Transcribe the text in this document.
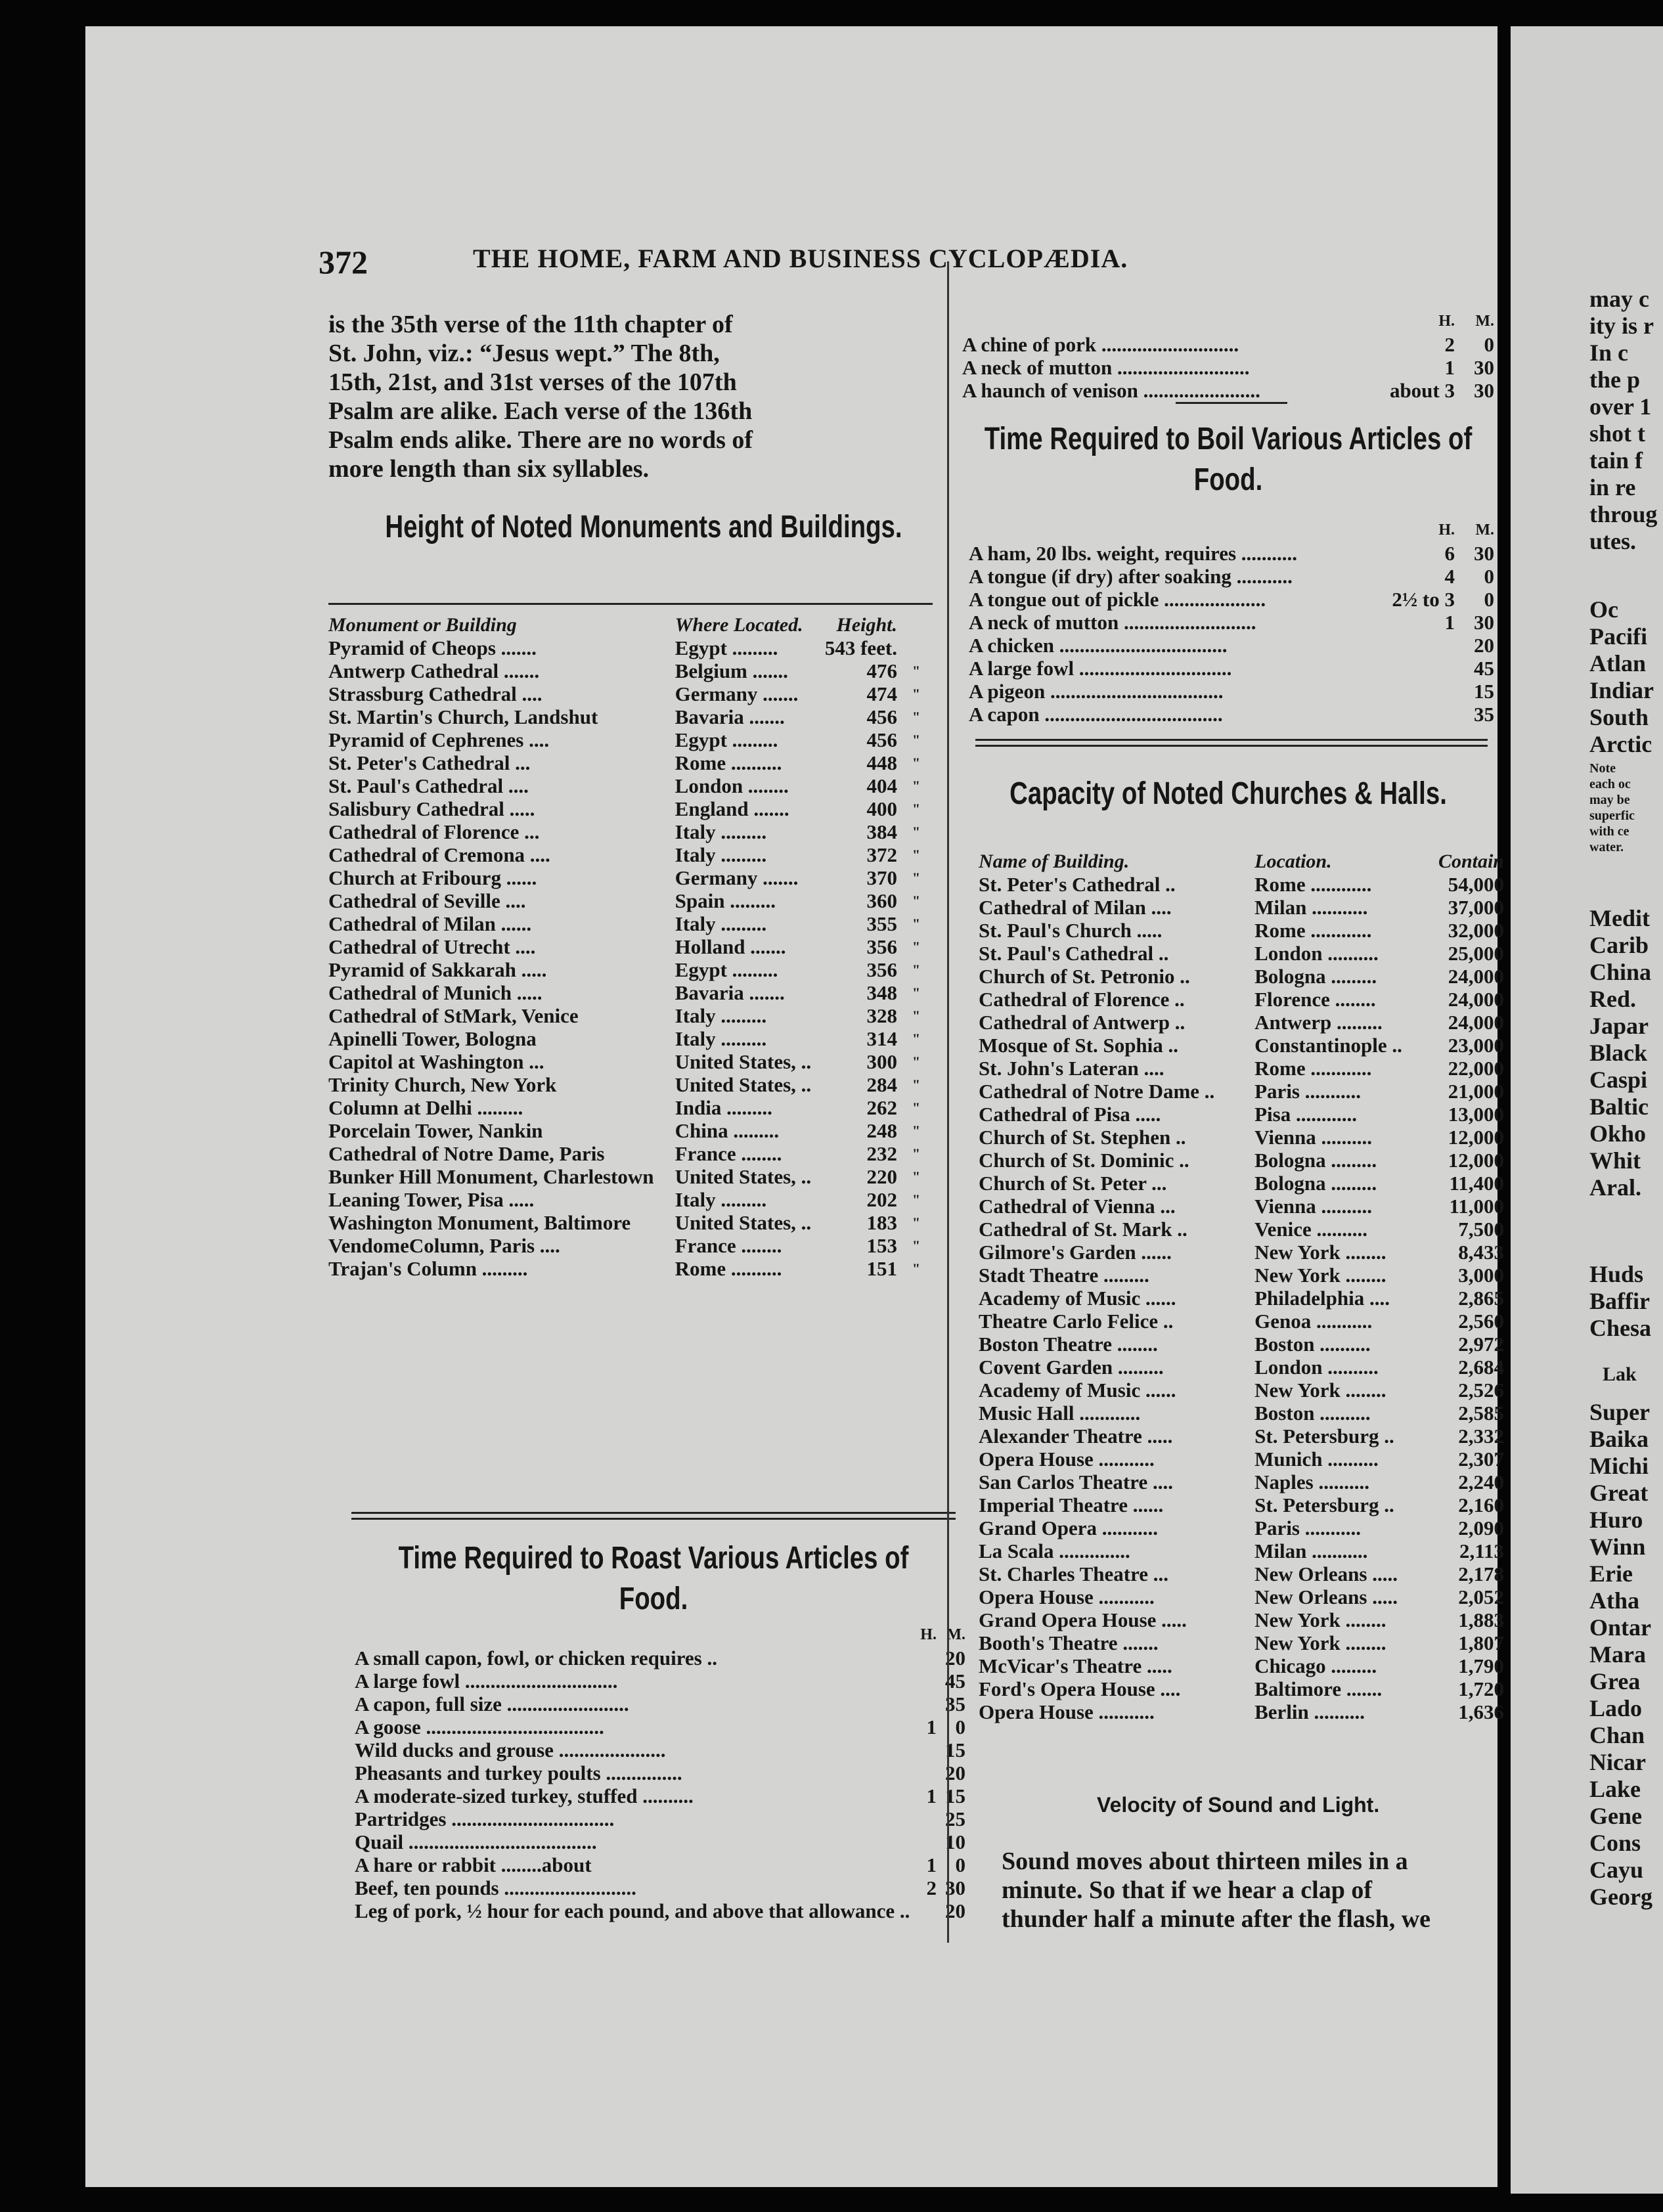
372	THE HOME, FARM AND BUSINESS CYCLOPÆDIA.
is the 35th verse of the 11th chapter of
St. John, viz.: “Jesus wept.” The 8th,
15th, 21st, and 31st verses of the 107th
Psalm are alike. Each verse of the 136th
Psalm ends alike. There are no words of
more length than six syllables.
Height of Noted Monuments and Buildings.
Monument or Building	Where Located.	Height.	
Pyramid of Cheops .......	Egypt .........	543 feet.	
Antwerp Cathedral .......	Belgium .......	476	"
Strassburg Cathedral ....	Germany .......	474	"
St. Martin's Church, Landshut	Bavaria .......	456	"
Pyramid of Cephrenes ....	Egypt .........	456	"
St. Peter's Cathedral ...	Rome ..........	448	"
St. Paul's Cathedral ....	London ........	404	"
Salisbury Cathedral .....	England .......	400	"
Cathedral of Florence ...	Italy .........	384	"
Cathedral of Cremona ....	Italy .........	372	"
Church at Fribourg ......	Germany .......	370	"
Cathedral of Seville ....	Spain .........	360	"
Cathedral of Milan ......	Italy .........	355	"
Cathedral of Utrecht ....	Holland .......	356	"
Pyramid of Sakkarah .....	Egypt .........	356	"
Cathedral of Munich .....	Bavaria .......	348	"
Cathedral of StMark, Venice	Italy .........	328	"
Apinelli Tower, Bologna	Italy .........	314	"
Capitol at Washington ...	United States, ..	300	"
Trinity Church, New York	United States, ..	284	"
Column at Delhi .........	India .........	262	"
Porcelain Tower, Nankin	China .........	248	"
Cathedral of Notre Dame, Paris	France ........	232	"
Bunker Hill Monument, Charlestown	United States, ..	220	"
Leaning Tower, Pisa .....	Italy .........	202	"
Washington Monument, Baltimore	United States, ..	183	"
VendomeColumn, Paris ....	France ........	153	"
Trajan's Column .........	Rome ..........	151	"
Time Required to Roast Various Articles of Food.
	H.	M.
A small capon, fowl, or chicken requires ..		20
A large fowl ..............................		45
A capon, full size ........................		35
A goose ...................................	1	0
Wild ducks and grouse .....................		15
Pheasants and turkey poults ...............		20
A moderate-sized turkey, stuffed ..........	1	15
Partridges ................................		25
Quail .....................................		10
A hare or rabbit ........about	1	0
Beef, ten pounds ..........................	2	30
Leg of pork, ½ hour for each pound, and above that allowance ..		20
	H.	M.
A chine of pork ...........................	2	0
A neck of mutton ..........................	1	30
A haunch of venison .......................	about 3	30
Time Required to Boil Various Articles of Food.
	H.	M.
A ham, 20 lbs. weight, requires ...........	6	30
A tongue (if dry) after soaking ...........	4	0
A tongue out of pickle ....................	2½ to 3	0
A neck of mutton ..........................	1	30
A chicken .................................		20
A large fowl ..............................		45
A pigeon ..................................		15
A capon ...................................		35
Capacity of Noted Churches & Halls.
Name of Building.	Location.	Contain
St. Peter's Cathedral ..	Rome ............	54,000
Cathedral of Milan ....	Milan ...........	37,000
St. Paul's Church .....	Rome ............	32,000
St. Paul's Cathedral ..	London ..........	25,000
Church of St. Petronio ..	Bologna .........	24,000
Cathedral of Florence ..	Florence ........	24,000
Cathedral of Antwerp ..	Antwerp .........	24,000
Mosque of St. Sophia ..	Constantinople ..	23,000
St. John's Lateran ....	Rome ............	22,000
Cathedral of Notre Dame ..	Paris ...........	21,000
Cathedral of Pisa .....	Pisa ............	13,000
Church of St. Stephen ..	Vienna ..........	12,000
Church of St. Dominic ..	Bologna .........	12,000
Church of St. Peter ...	Bologna .........	11,400
Cathedral of Vienna ...	Vienna ..........	11,000
Cathedral of St. Mark ..	Venice ..........	7,500
Gilmore's Garden ......	New York ........	8,433
Stadt Theatre .........	New York ........	3,000
Academy of Music ......	Philadelphia ....	2,865
Theatre Carlo Felice ..	Genoa ...........	2,560
Boston Theatre ........	Boston ..........	2,972
Covent Garden .........	London ..........	2,684
Academy of Music ......	New York ........	2,526
Music Hall ............	Boston ..........	2,585
Alexander Theatre .....	St. Petersburg ..	2,332
Opera House ...........	Munich ..........	2,307
San Carlos Theatre ....	Naples ..........	2,240
Imperial Theatre ......	St. Petersburg ..	2,160
Grand Opera ...........	Paris ...........	2,090
La Scala ..............	Milan ...........	2,113
St. Charles Theatre ...	New Orleans .....	2,178
Opera House ...........	New Orleans .....	2,052
Grand Opera House .....	New York ........	1,883
Booth's Theatre .......	New York ........	1,807
McVicar's Theatre .....	Chicago .........	1,790
Ford's Opera House ....	Baltimore .......	1,720
Opera House ...........	Berlin ..........	1,636
Velocity of Sound and Light.
Sound moves about thirteen miles in a
minute. So that if we hear a clap of
thunder half a minute after the flash, we
may c
ity is r
In c
the p
over 1
shot t
tain f
in re
throug
utes.
Oc
Pacifi
Atlan
Indiar
South
Arctic
Note
each oc
may be
superfic
with ce
water.
Medit
Carib
China
Red.
Japar
Black
Caspi
Baltic
Okho
Whit
Aral.
Huds
Baffir
Chesa
Lak
Super
Baika
Michi
Great
Huro
Winn
Erie
Atha
Ontar
Mara
Grea
Lado
Chan
Nicar
Lake
Gene
Cons
Cayu
Georg
